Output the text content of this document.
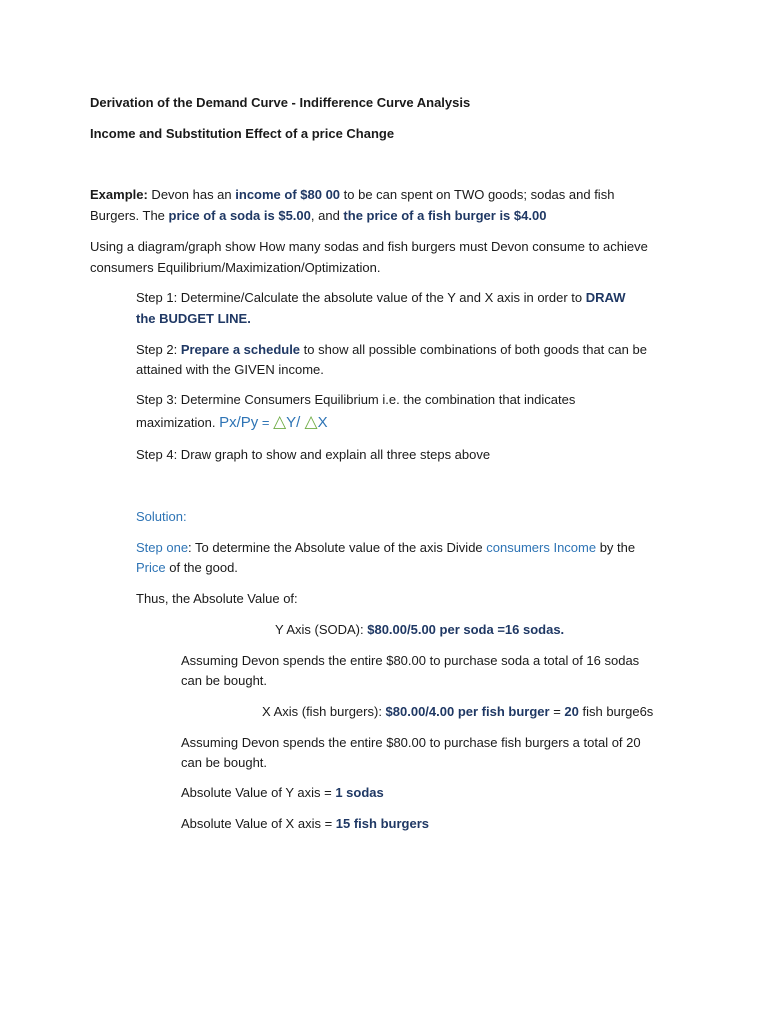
Derivation of the Demand Curve - Indifference Curve Analysis
Income and Substitution Effect of a price Change
Example: Devon has an income of $80 00 to be can spent on TWO goods; sodas and fish
Burgers. The price of a soda is $5.00, and the price of a fish burger is $4.00
Using a diagram/graph show How many sodas and fish burgers must Devon consume to achieve
consumers Equilibrium/Maximization/Optimization.
Step 1: Determine/Calculate the absolute value of the Y and X axis in order to DRAW
the BUDGET LINE.
Step 2: Prepare a schedule to show all possible combinations of both goods that can be
attained with the GIVEN income.
Step 3: Determine Consumers Equilibrium i.e. the combination that indicates
maximization. Px/Py = △Y/ △X
Step 4: Draw graph to show and explain all three steps above
Solution:
Step one: To determine the Absolute value of the axis Divide consumers Income by the
Price of the good.
Thus, the Absolute Value of:
Y Axis (SODA): $80.00/5.00 per soda =16 sodas.
Assuming Devon spends the entire $80.00 to purchase soda a total of 16 sodas
can be bought.
X Axis (fish burgers): $80.00/4.00 per fish burger = 20 fish burge6s
Assuming Devon spends the entire $80.00 to purchase fish burgers a total of 20
can be bought.
Absolute Value of Y axis = 1 sodas
Absolute Value of X axis = 15 fish burgers
